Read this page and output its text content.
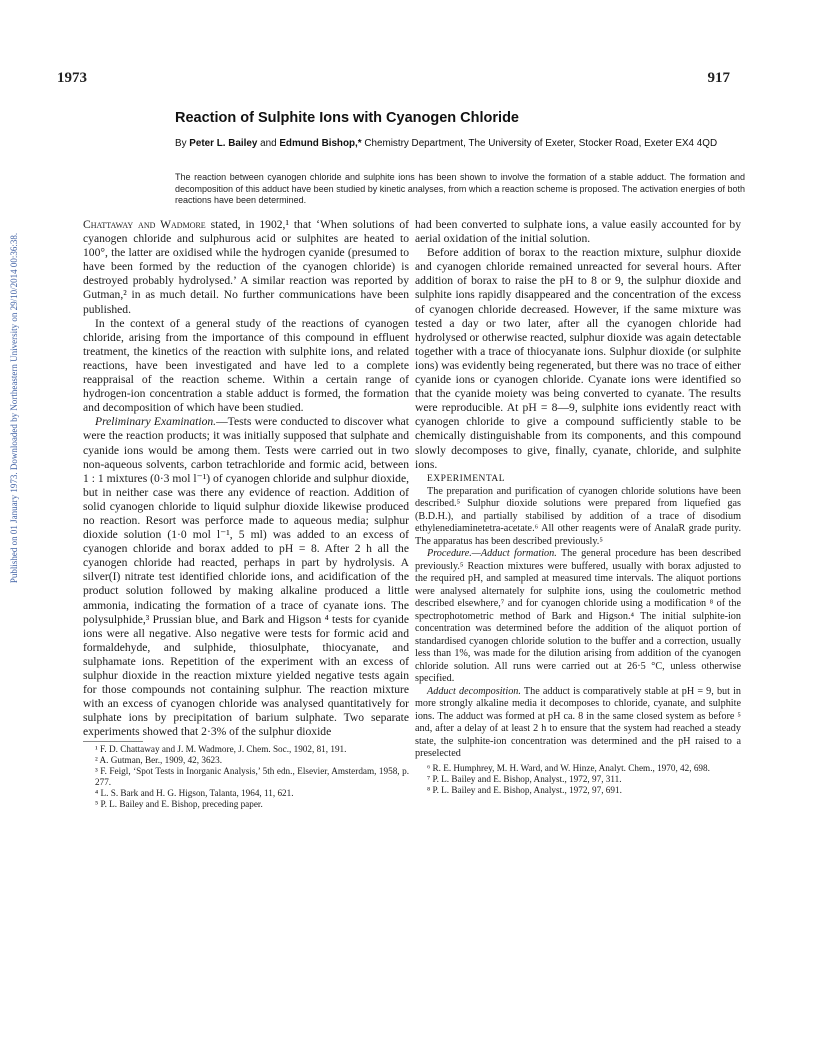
1973	917
Published on 01 January 1973. Downloaded by Northeastern University on 29/10/2014 00:36:38.
Reaction of Sulphite Ions with Cyanogen Chloride
By Peter L. Bailey and Edmund Bishop,* Chemistry Department, The University of Exeter, Stocker Road, Exeter EX4 4QD
The reaction between cyanogen chloride and sulphite ions has been shown to involve the formation of a stable adduct. The formation and decomposition of this adduct have been studied by kinetic analyses, from which a reaction scheme is proposed. The activation energies of both reactions have been determined.

Chattaway and Wadmore stated, in 1902,¹ that ‘When solutions of cyanogen chloride and sulphurous acid or sulphites are heated to 100°, the latter are oxidised while the hydrogen cyanide (presumed to have been formed by the reduction of the cyanogen chloride) is destroyed probably hydrolysed.’ A similar reaction was reported by Gutman,² in as much detail. No further communications have been published.

In the context of a general study of the reactions of cyanogen chloride, arising from the importance of this compound in effluent treatment, the kinetics of the reaction with sulphite ions, and related reactions, have been investigated and have led to a complete reappraisal of the reaction scheme. Within a certain range of hydrogen-ion concentration a stable adduct is formed, the formation and decomposition of which have been studied.

Preliminary Examination.—Tests were conducted to discover what were the reaction products; it was initially supposed that sulphate and cyanide ions would be among them. Tests were carried out in two non-aqueous solvents, carbon tetrachloride and formic acid, between 1 : 1 mixtures (0·3 mol l⁻¹) of cyanogen chloride and sulphur dioxide, but in neither case was there any evidence of reaction. Addition of solid cyanogen chloride to liquid sulphur dioxide likewise produced no reaction. Resort was perforce made to aqueous media; sulphur dioxide solution (1·0 mol l⁻¹, 5 ml) was added to an excess of cyanogen chloride and borax added to pH = 8. After 2 h all the cyanogen chloride had reacted, perhaps in part by hydrolysis. A silver(I) nitrate test identified chloride ions, and acidification of the product solution followed by making alkaline produced a little ammonia, indicating the formation of a trace of cyanate ions. The polysulphide,³ Prussian blue, and Bark and Higson ⁴ tests for cyanide ions were all negative. Also negative were tests for formic acid and formaldehyde, and sulphide, thiosulphate, thiocyanate, and sulphamate ions. Repetition of the experiment with an excess of sulphur dioxide in the reaction mixture yielded negative tests again for those compounds not containing sulphur. The reaction mixture with an excess of cyanogen chloride was analysed quantitatively for sulphate ions by precipitation of barium sulphate. Two separate experiments showed that 2·3% of the sulphur dioxide

¹ F. D. Chattaway and J. M. Wadmore, J. Chem. Soc., 1902, 81, 191.
² A. Gutman, Ber., 1909, 42, 3623.
³ F. Feigl, ‘Spot Tests in Inorganic Analysis,’ 5th edn., Elsevier, Amsterdam, 1958, p. 277.
⁴ L. S. Bark and H. G. Higson, Talanta, 1964, 11, 621.
⁵ P. L. Bailey and E. Bishop, preceding paper.

had been converted to sulphate ions, a value easily accounted for by aerial oxidation of the initial solution.

Before addition of borax to the reaction mixture, sulphur dioxide and cyanogen chloride remained unreacted for several hours. After addition of borax to raise the pH to 8 or 9, the sulphur dioxide and sulphite ions rapidly disappeared and the concentration of the excess of cyanogen chloride decreased. However, if the same mixture was tested a day or two later, after all the cyanogen chloride had hydrolysed or otherwise reacted, sulphur dioxide was again detectable together with a trace of thiocyanate ions. Sulphur dioxide (or sulphite ions) was evidently being regenerated, but there was no trace of either cyanide ions or cyanogen chloride. Cyanate ions were identified so that the cyanide moiety was being converted to cyanate. The results were reproducible. At pH = 8—9, sulphite ions evidently react with cyanogen chloride to give a compound sufficiently stable to be chemically distinguishable from its components, and this compound slowly decomposes to give, finally, cyanate, chloride, and sulphite ions.

EXPERIMENTAL

The preparation and purification of cyanogen chloride solutions have been described.⁵ Sulphur dioxide solutions were prepared from liquefied gas (B.D.H.), and partially stabilised by addition of a trace of disodium ethylenediaminetetra-acetate.⁶ All other reagents were of AnalaR grade purity. The apparatus has been described previously.⁵

Procedure.—Adduct formation. The general procedure has been described previously.⁵ Reaction mixtures were buffered, usually with borax adjusted to the required pH, and sampled at measured time intervals. The aliquot portions were analysed alternately for sulphite ions, using the coulometric method described elsewhere,⁷ and for cyanogen chloride using a modification ⁸ of the spectrophotometric method of Bark and Higson.⁴ The initial sulphite-ion concentration was determined before the addition of the aliquot portion of standardised cyanogen chloride solution to the buffer and a correction, usually less than 1%, was made for the dilution arising from addition of the cyanogen chloride solution. All runs were carried out at 26·5 °C, unless otherwise specified.

Adduct decomposition. The adduct is comparatively stable at pH = 9, but in more strongly alkaline media it decomposes to chloride, cyanate, and sulphite ions. The adduct was formed at pH ca. 8 in the same closed system as before ⁵ and, after a delay of at least 2 h to ensure that the system had reached a steady state, the sulphite-ion concentration was determined and the pH raised to a preselected

⁶ R. E. Humphrey, M. H. Ward, and W. Hinze, Analyt. Chem., 1970, 42, 698.
⁷ P. L. Bailey and E. Bishop, Analyst., 1972, 97, 311.
⁸ P. L. Bailey and E. Bishop, Analyst., 1972, 97, 691.
